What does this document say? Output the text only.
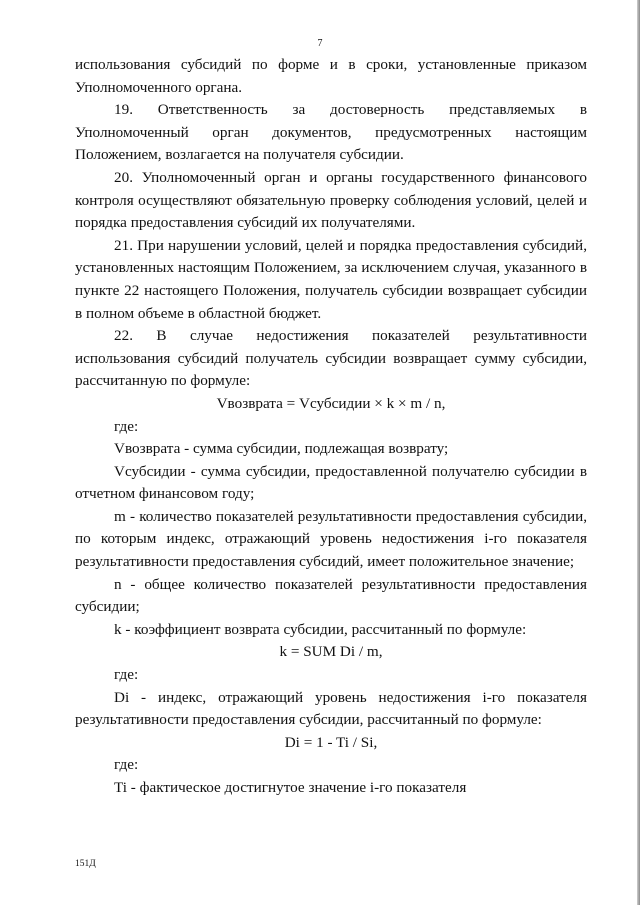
7

использования субсидий по форме и в сроки, установленные приказом Уполномоченного органа.

19. Ответственность за достоверность представляемых в Уполномоченный орган документов, предусмотренных настоящим Положением, возлагается на получателя субсидии.

20. Уполномоченный орган и органы государственного финансового контроля осуществляют обязательную проверку соблюдения условий, целей и порядка предоставления субсидий их получателями.

21. При нарушении условий, целей и порядка предоставления субсидий, установленных настоящим Положением, за исключением случая, указанного в пункте 22 настоящего Положения, получатель субсидии возвращает субсидии в полном объеме в областной бюджет.

22. В случае недостижения показателей результативности использования субсидий получатель субсидии возвращает сумму субсидии, рассчитанную по формуле:

Vвозврата = Vсубсидии × k × m / n,

где:

Vвозврата - сумма субсидии, подлежащая возврату;

Vсубсидии - сумма субсидии, предоставленной получателю субсидии в отчетном финансовом году;

m - количество показателей результативности предоставления субсидии, по которым индекс, отражающий уровень недостижения i-го показателя результативности предоставления субсидий, имеет положительное значение;

n - общее количество показателей результативности предоставления субсидии;

k - коэффициент возврата субсидии, рассчитанный по формуле:

k = SUM Di / m,

где:

Di - индекс, отражающий уровень недостижения i-го показателя результативности предоставления субсидии, рассчитанный по формуле:

Di = 1 - Ti / Si,

где:

Ti - фактическое достигнутое значение i-го показателя

151Д
